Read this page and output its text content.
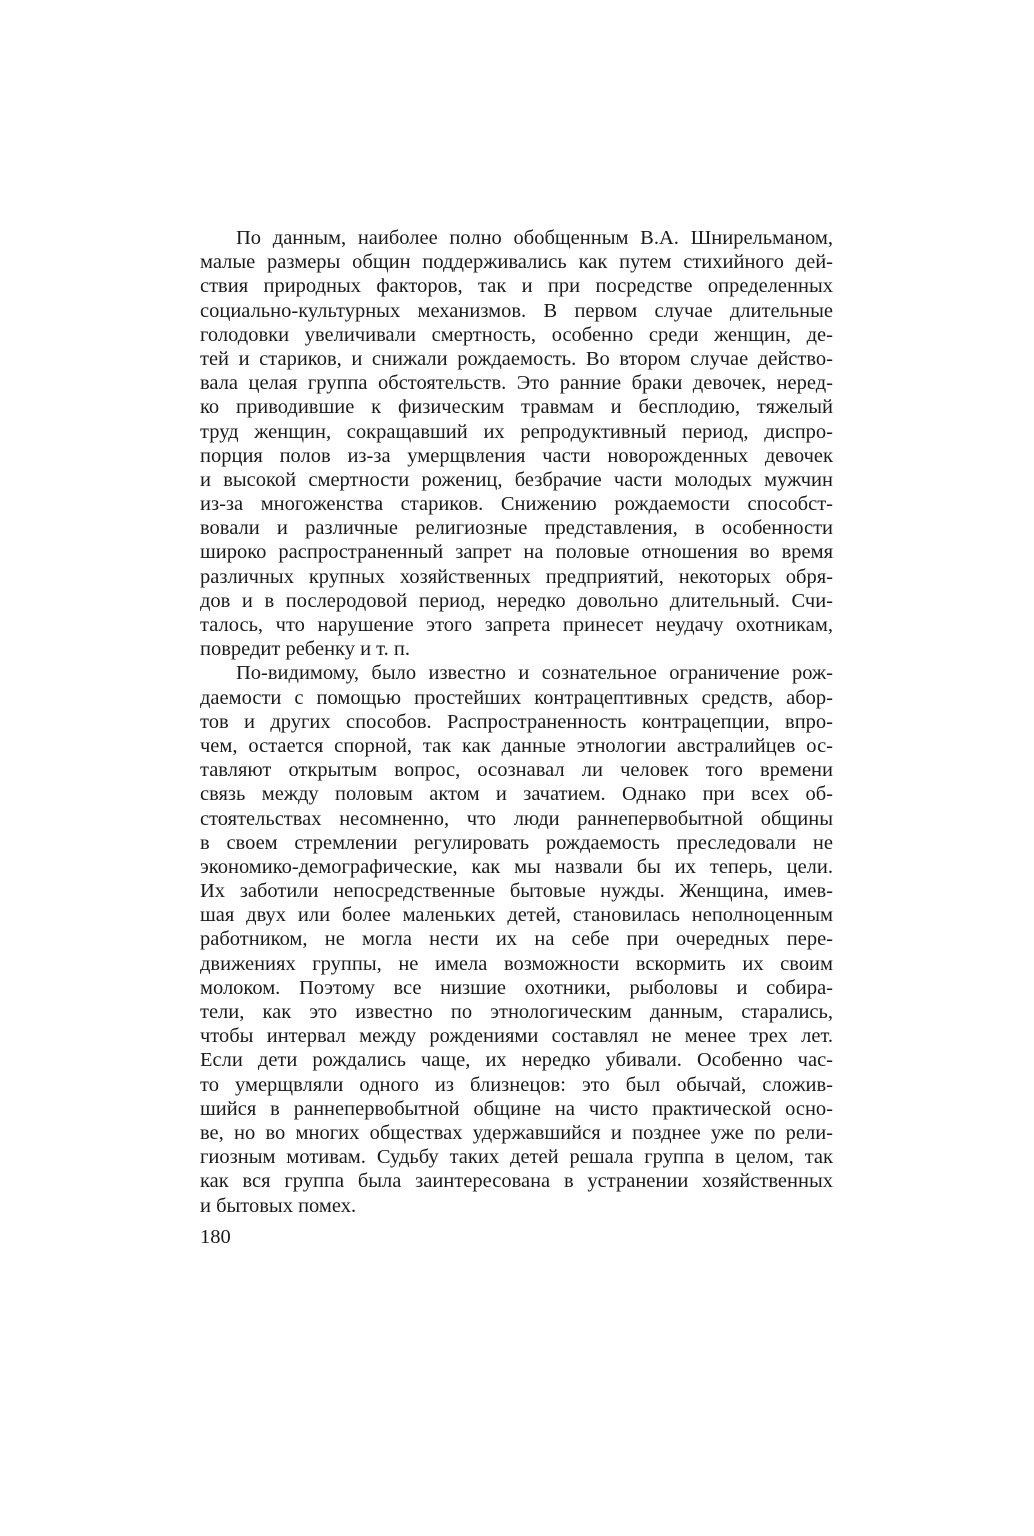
По данным, наиболее полно обобщенным В.А. Шнирельманом,
малые размеры общин поддерживались как путем стихийного дей-
ствия природных факторов, так и при посредстве определенных
социально-культурных механизмов. В первом случае длительные
голодовки увеличивали смертность, особенно среди женщин, де-
тей и стариков, и снижали рождаемость. Во втором случае действо-
вала целая группа обстоятельств. Это ранние браки девочек, неред-
ко приводившие к физическим травмам и бесплодию, тяжелый
труд женщин, сокращавший их репродуктивный период, диспро-
порция полов из-за умерщвления части новорожденных девочек
и высокой смертности рожениц, безбрачие части молодых мужчин
из-за многоженства стариков. Снижению рождаемости способст-
вовали и различные религиозные представления, в особенности
широко распространенный запрет на половые отношения во время
различных крупных хозяйственных предприятий, некоторых обря-
дов и в послеродовой период, нередко довольно длительный. Счи-
талось, что нарушение этого запрета принесет неудачу охотникам,
повредит ребенку и т. п.
По-видимому, было известно и сознательное ограничение рож-
даемости с помощью простейших контрацептивных средств, абор-
тов и других способов. Распространенность контрацепции, впро-
чем, остается спорной, так как данные этнологии австралийцев ос-
тавляют открытым вопрос, осознавал ли человек того времени
связь между половым актом и зачатием. Однако при всех об-
стоятельствах несомненно, что люди раннепервобытной общины
в своем стремлении регулировать рождаемость преследовали не
экономико-демографические, как мы назвали бы их теперь, цели.
Их заботили непосредственные бытовые нужды. Женщина, имев-
шая двух или более маленьких детей, становилась неполноценным
работником, не могла нести их на себе при очередных пере-
движениях группы, не имела возможности вскормить их своим
молоком. Поэтому все низшие охотники, рыболовы и собира-
тели, как это известно по этнологическим данным, старались,
чтобы интервал между рождениями составлял не менее трех лет.
Если дети рождались чаще, их нередко убивали. Особенно час-
то умерщвляли одного из близнецов: это был обычай, сложив-
шийся в раннепервобытной общине на чисто практической осно-
ве, но во многих обществах удержавшийся и позднее уже по рели-
гиозным мотивам. Судьбу таких детей решала группа в целом, так
как вся группа была заинтересована в устранении хозяйственных
и бытовых помех.
180
